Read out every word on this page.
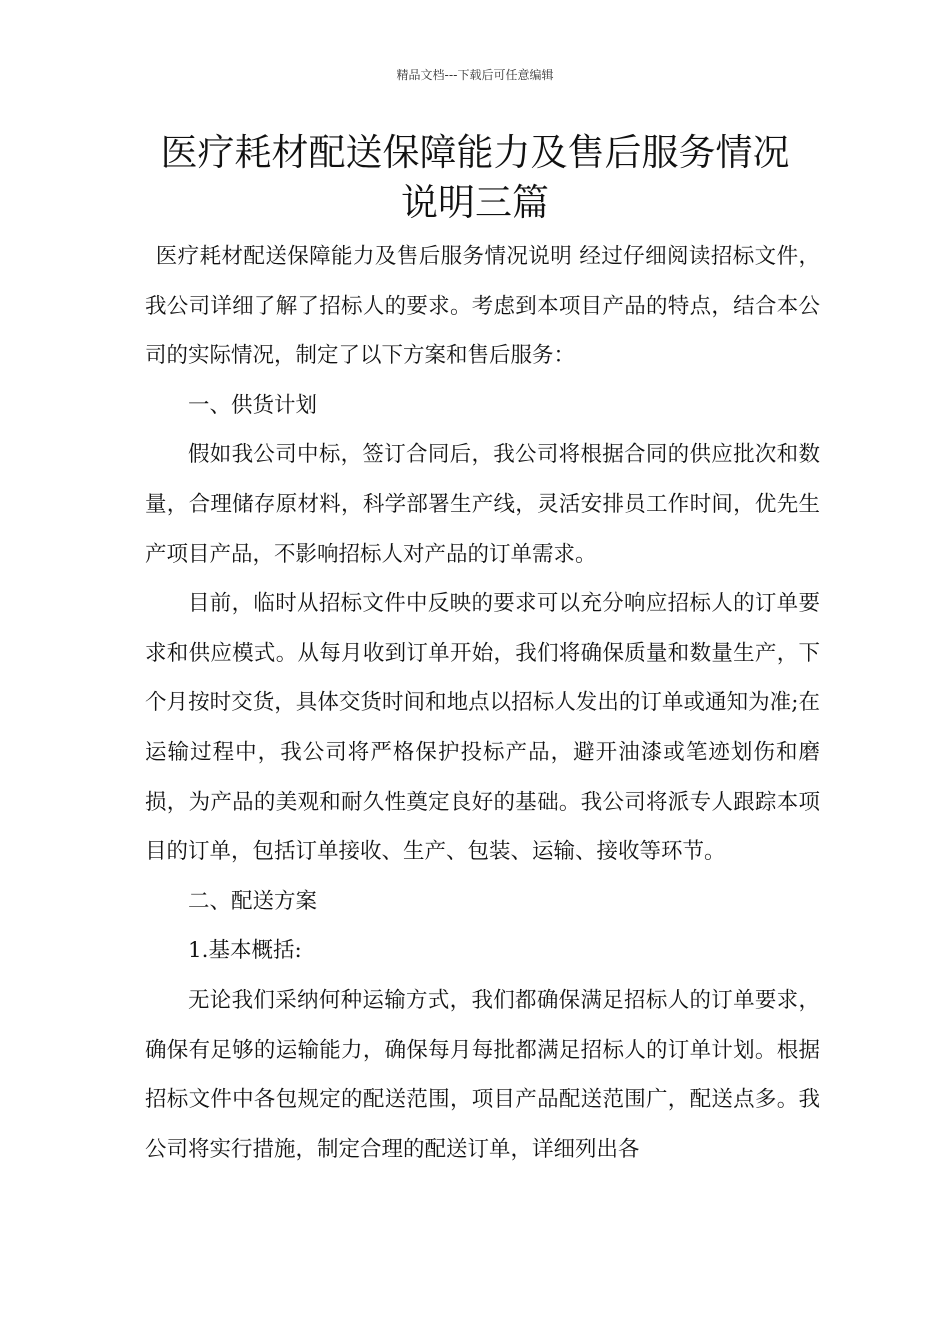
精品文档---下载后可任意编辑
医疗耗材配送保障能力及售后服务情况
说明三篇

医疗耗材配送保障能力及售后服务情况说明 经过仔细阅读招标文件，我公司详细了解了招标人的要求。考虑到本项目产品的特点，结合本公司的实际情况，制定了以下方案和售后服务：

一、供货计划

假如我公司中标，签订合同后，我公司将根据合同的供应批次和数量，合理储存原材料，科学部署生产线，灵活安排员工作时间，优先生产项目产品，不影响招标人对产品的订单需求。

目前，临时从招标文件中反映的要求可以充分响应招标人的订单要求和供应模式。从每月收到订单开始，我们将确保质量和数量生产，下个月按时交货，具体交货时间和地点以招标人发出的订单或通知为准;在运输过程中，我公司将严格保护投标产品，避开油漆或笔迹划伤和磨损，为产品的美观和耐久性奠定良好的基础。我公司将派专人跟踪本项目的订单，包括订单接收、生产、包装、运输、接收等环节。

二、配送方案

1.基本概括:

无论我们采纳何种运输方式，我们都确保满足招标人的订单要求，确保有足够的运输能力，确保每月每批都满足招标人的订单计划。根据招标文件中各包规定的配送范围，项目产品配送范围广，配送点多。我公司将实行措施，制定合理的配送订单，详细列出各
